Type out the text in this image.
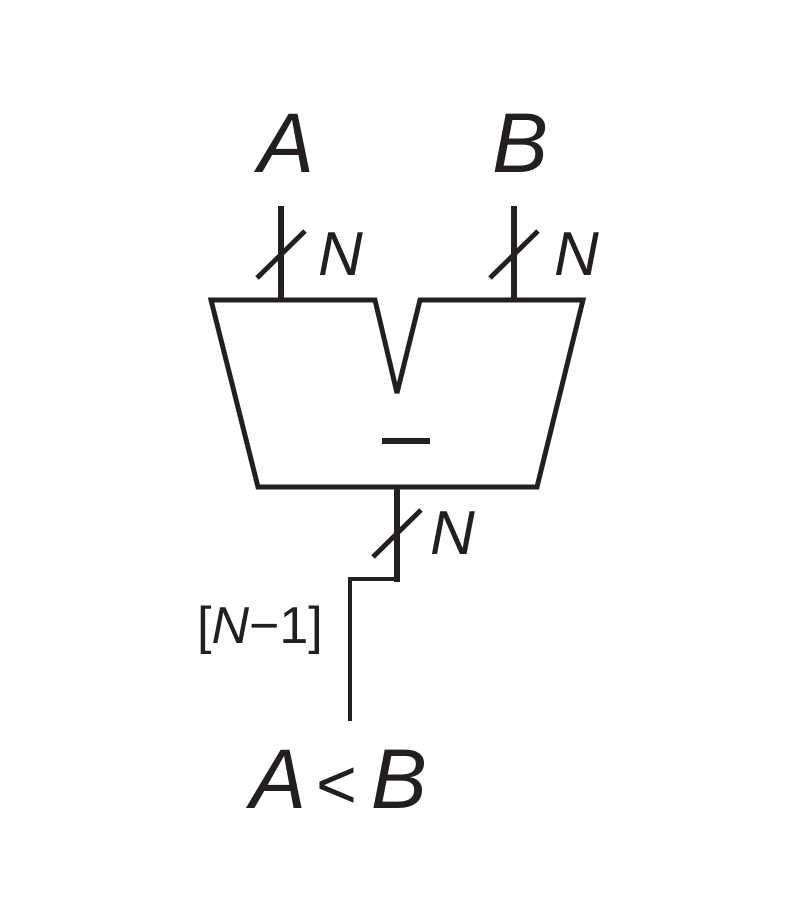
A B
N	N
−
N
[N−1]
A < B
